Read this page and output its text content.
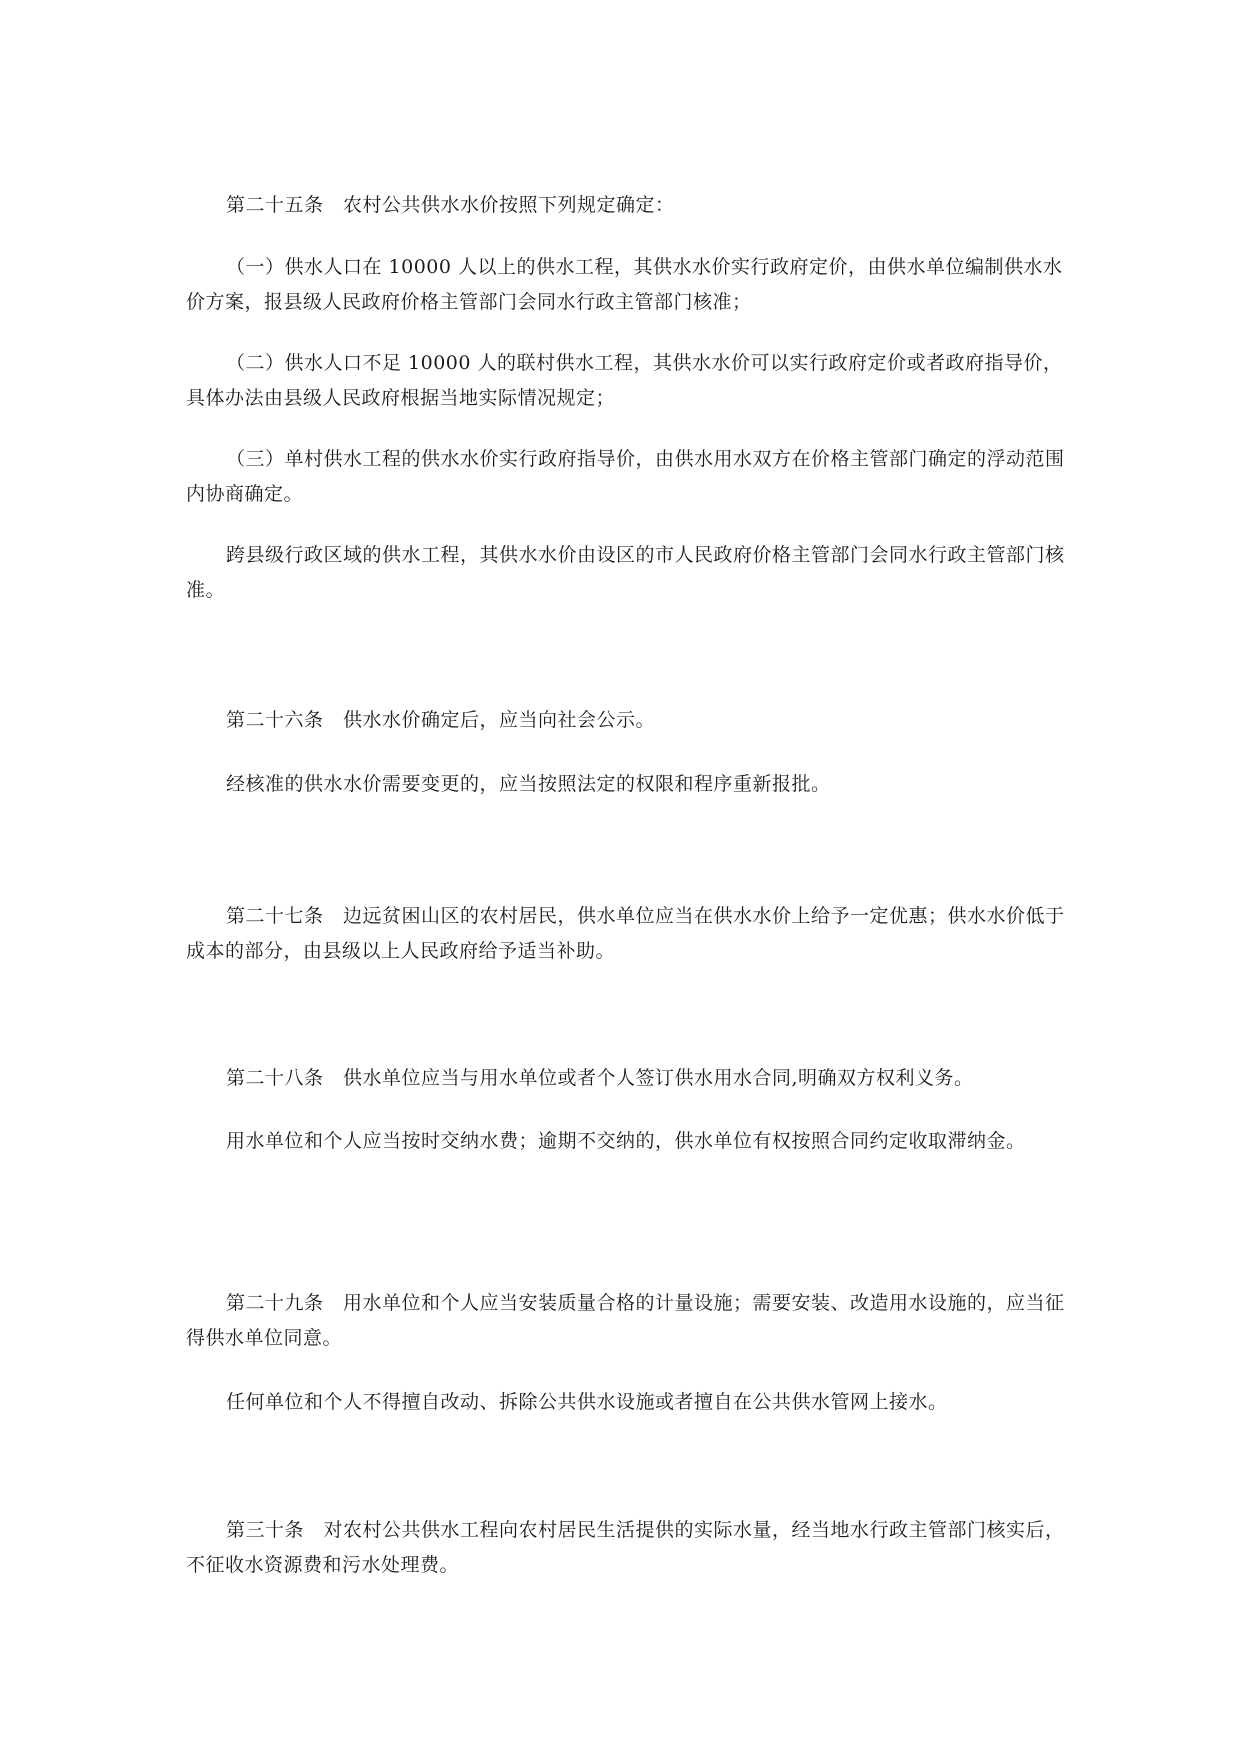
第二十五条　农村公共供水水价按照下列规定确定：

（一）供水人口在 10000 人以上的供水工程，其供水水价实行政府定价，由供水单位编制供水水价方案，报县级人民政府价格主管部门会同水行政主管部门核准；

（二）供水人口不足 10000 人的联村供水工程，其供水水价可以实行政府定价或者政府指导价，具体办法由县级人民政府根据当地实际情况规定；

（三）单村供水工程的供水水价实行政府指导价，由供水用水双方在价格主管部门确定的浮动范围内协商确定。

跨县级行政区域的供水工程，其供水水价由设区的市人民政府价格主管部门会同水行政主管部门核准。

第二十六条　供水水价确定后，应当向社会公示。

经核准的供水水价需要变更的，应当按照法定的权限和程序重新报批。

第二十七条　边远贫困山区的农村居民，供水单位应当在供水水价上给予一定优惠；供水水价低于成本的部分，由县级以上人民政府给予适当补助。

第二十八条　供水单位应当与用水单位或者个人签订供水用水合同,明确双方权利义务。

用水单位和个人应当按时交纳水费；逾期不交纳的，供水单位有权按照合同约定收取滞纳金。

第二十九条　用水单位和个人应当安装质量合格的计量设施；需要安装、改造用水设施的，应当征得供水单位同意。

任何单位和个人不得擅自改动、拆除公共供水设施或者擅自在公共供水管网上接水。

第三十条　对农村公共供水工程向农村居民生活提供的实际水量，经当地水行政主管部门核实后，不征收水资源费和污水处理费。
